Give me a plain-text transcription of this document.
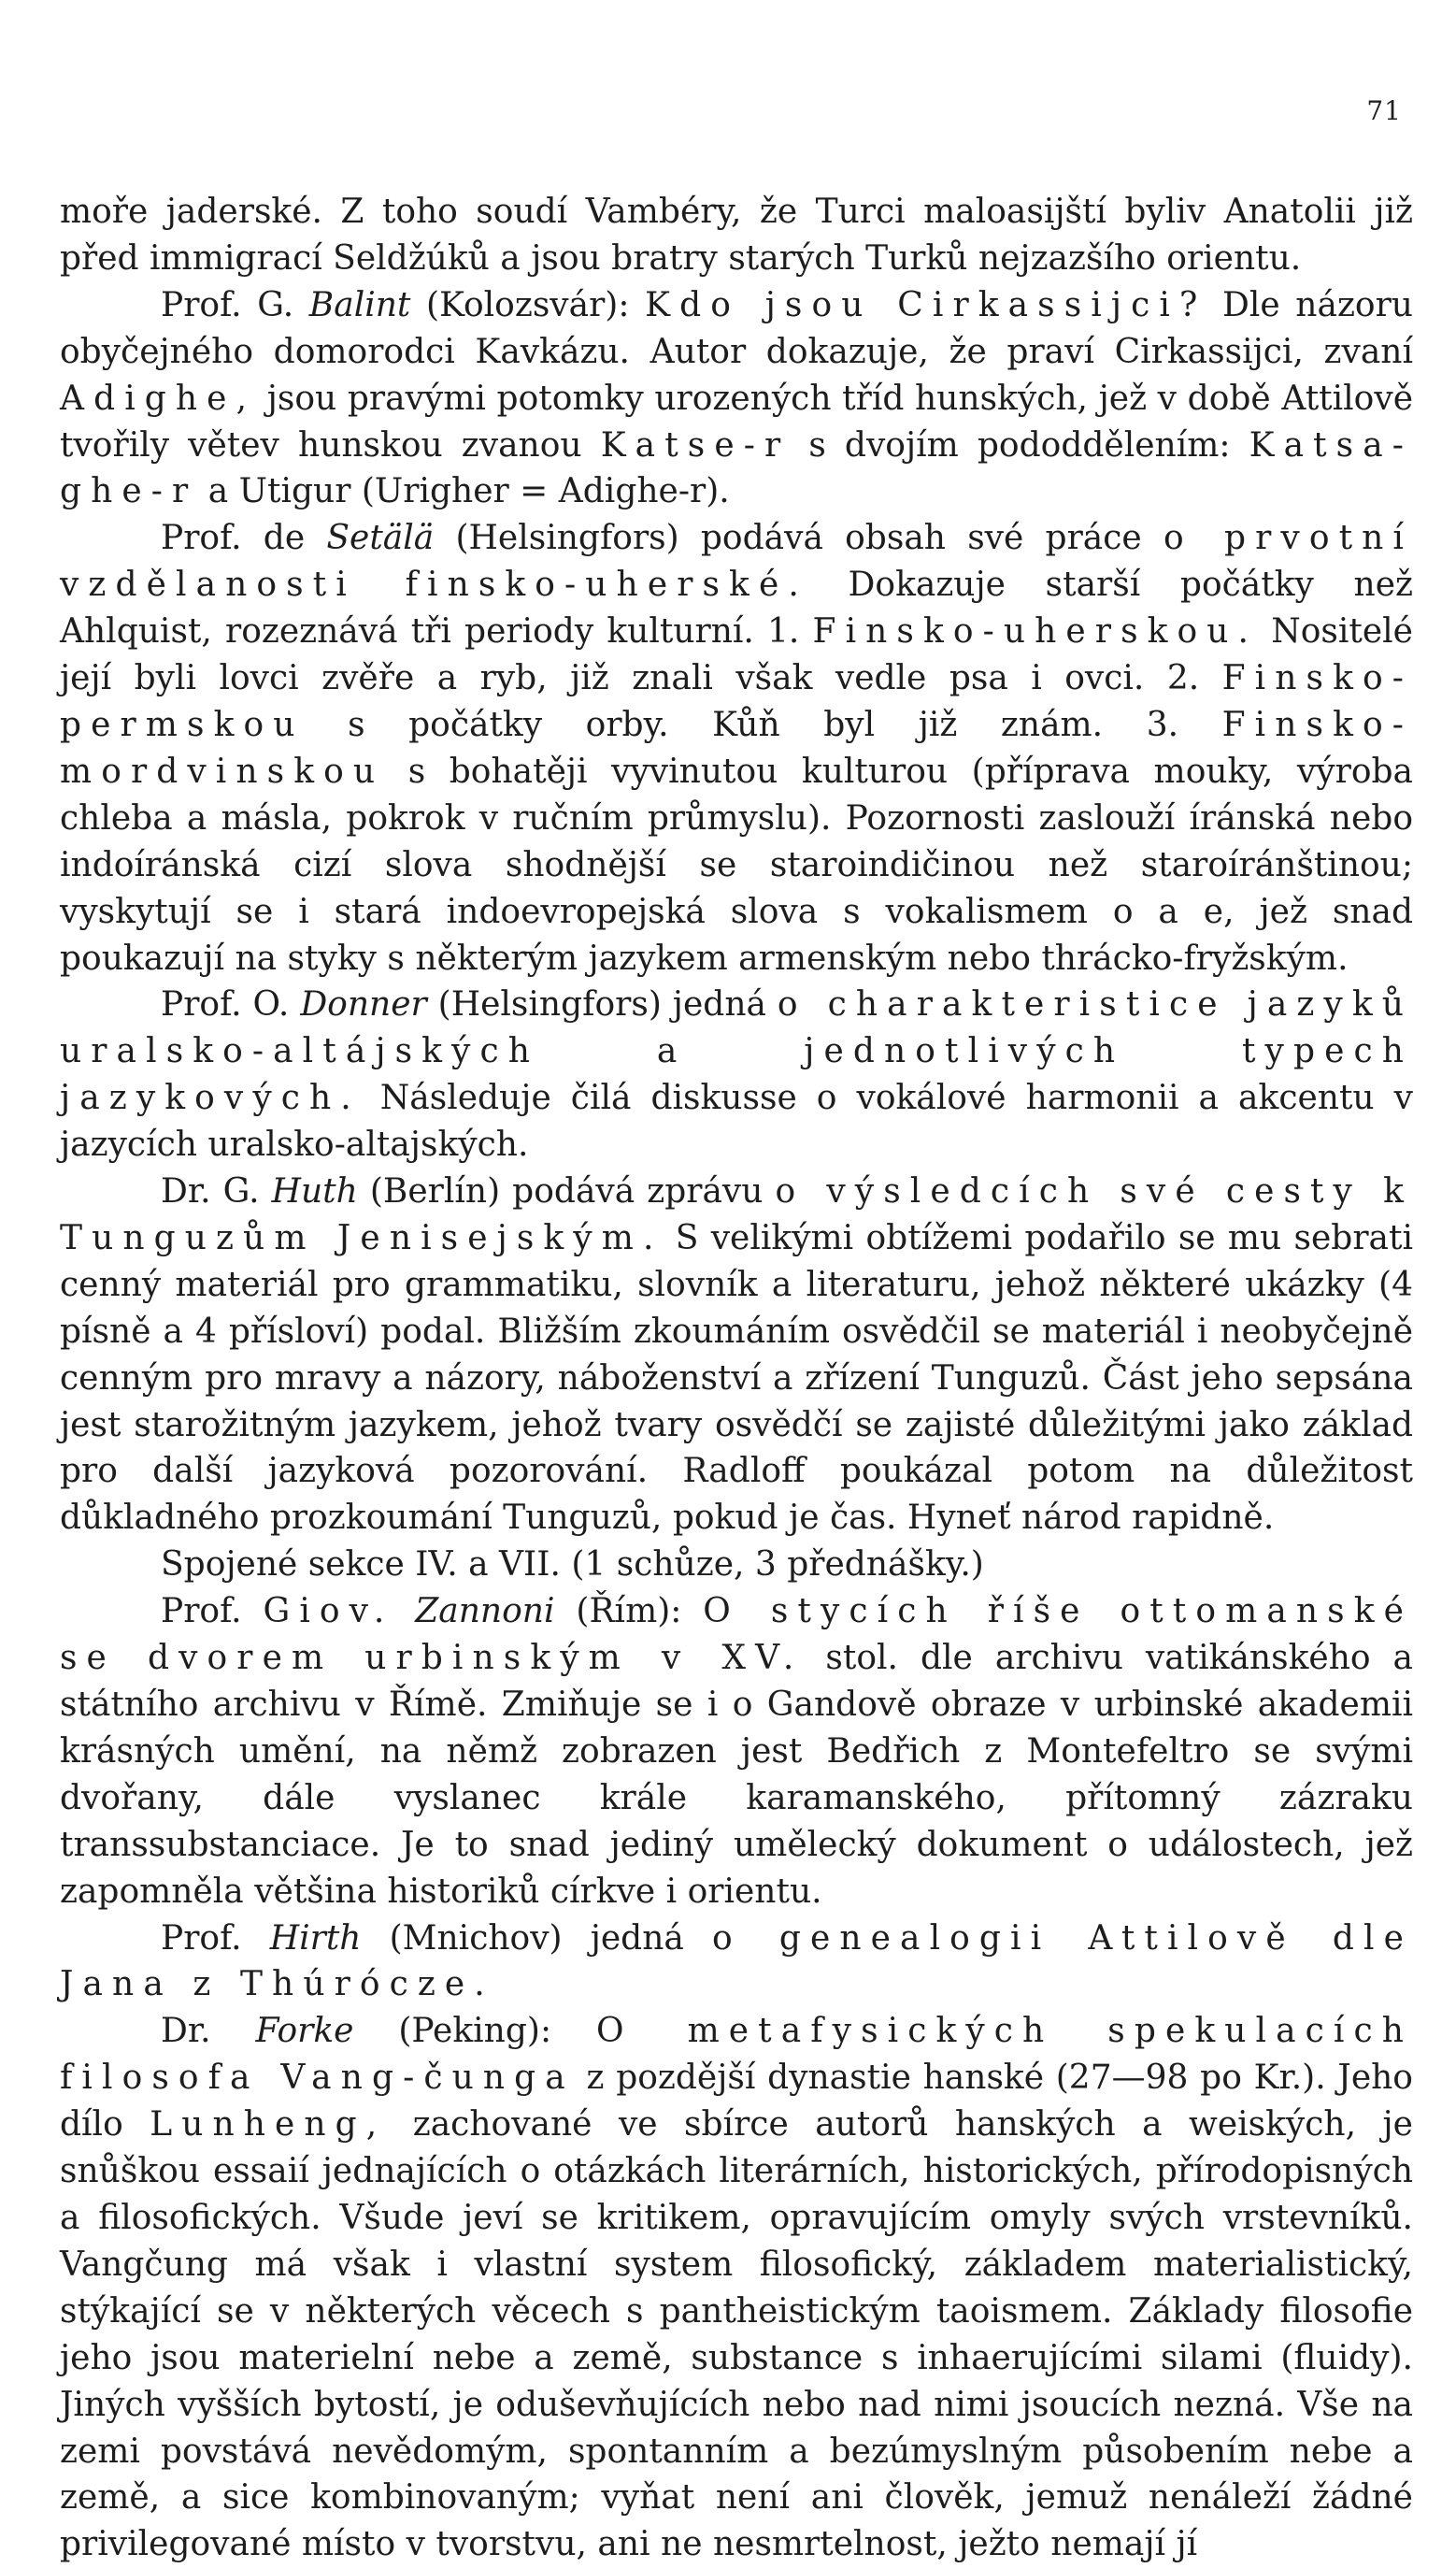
71

moře jaderské. Z toho soudí Vambéry, že Turci maloasijští byliv Anatolii již před immigrací Seldžúků a jsou bratry starých Turků nejzazšího orientu.

Prof. G. Balint (Kolozsvár): Kdo jsou Cirkassijci? Dle názoru obyčejného domorodci Kavkázu. Autor dokazuje, že praví Cirkassijci, zvaní Adighe, jsou pravými potomky urozených tříd hunských, jež v době Attilově tvořily větev hunskou zvanou Katse-r s dvojím pododdělením: Katsa-ghe-r a Utigur (Urigher = Adighe-r).

Prof. de Setälä (Helsingfors) podává obsah své práce o prvotní vzdělanosti finsko-uherské. Dokazuje starší počátky než Ahlquist, rozeznává tři periody kulturní. 1. Finsko-uherskou. Nositelé její byli lovci zvěře a ryb, již znali však vedle psa i ovci. 2. Finsko-permskou s počátky orby. Kůň byl již znám. 3. Finsko-mordvinskou s bohatěji vyvinutou kulturou (příprava mouky, výroba chleba a másla, pokrok v ručním průmyslu). Pozornosti zaslouží íránská nebo indoíránská cizí slova shodnější se staroindičinou než staroíránštinou; vyskytují se i stará indoevropejská slova s vokalismem o a e, jež snad poukazují na styky s některým jazykem armenským nebo thrácko-fryžským.

Prof. O. Donner (Helsingfors) jedná o charakteristice jazyků uralsko-altájských a jednotlivých typech jazykových. Následuje čilá diskusse o vokálové harmonii a akcentu v jazycích uralsko-altajských.

Dr. G. Huth (Berlín) podává zprávu o výsledcích své cesty k Tunguzům Jenisejským. S velikými obtížemi podařilo se mu sebrati cenný materiál pro grammatiku, slovník a literaturu, jehož některé ukázky (4 písně a 4 přísloví) podal. Bližším zkoumáním osvědčil se materiál i neobyčejně cenným pro mravy a názory, náboženství a zřízení Tunguzů. Část jeho sepsána jest starožitným jazykem, jehož tvary osvědčí se zajisté důležitými jako základ pro další jazyková pozorování. Radloff poukázal potom na důležitost důkladného prozkoumání Tunguzů, pokud je čas. Hyneť národ rapidně.

Spojené sekce IV. a VII. (1 schůze, 3 přednášky.)

Prof. Giov. Zannoni (Řím): O stycích říše ottomanské se dvorem urbinským v XV. stol. dle archivu vatikánského a státního archivu v Římě. Zmiňuje se i o Gandově obraze v urbinské akademii krásných umění, na němž zobrazen jest Bedřich z Montefeltro se svými dvořany, dále vyslanec krále karamanského, přítomný zázraku transsubstanciace. Je to snad jediný umělecký dokument o událostech, jež zapomněla většina historiků církve i orientu.

Prof. Hirth (Mnichov) jedná o genealogii Attilově dle Jana z Thúrócze.

Dr. Forke (Peking): O metafysických spekulacích filosofa Vang-čunga z pozdější dynastie hanské (27—98 po Kr.). Jeho dílo Lunheng, zachované ve sbírce autorů hanských a weiských, je snůškou essaií jednajících o otázkách literárních, historických, přírodopisných a filosofických. Všude jeví se kritikem, opravujícím omyly svých vrstevníků. Vangčung má však i vlastní system filosofický, základem materialistický, stýkající se v některých věcech s pantheistickým taoismem. Základy filosofie jeho jsou materielní nebe a země, substance s inhaerujícími silami (fluidy). Jiných vyšších bytostí, je oduševňujících nebo nad nimi jsoucích nezná. Vše na zemi povstává nevědomým, spontanním a bezúmyslným působením nebe a země, a sice kombinovaným; vyňat není ani člověk, jemuž nenáleží žádné privilegované místo v tvorstvu, ani ne nesmrtelnost, ježto nemají jí
